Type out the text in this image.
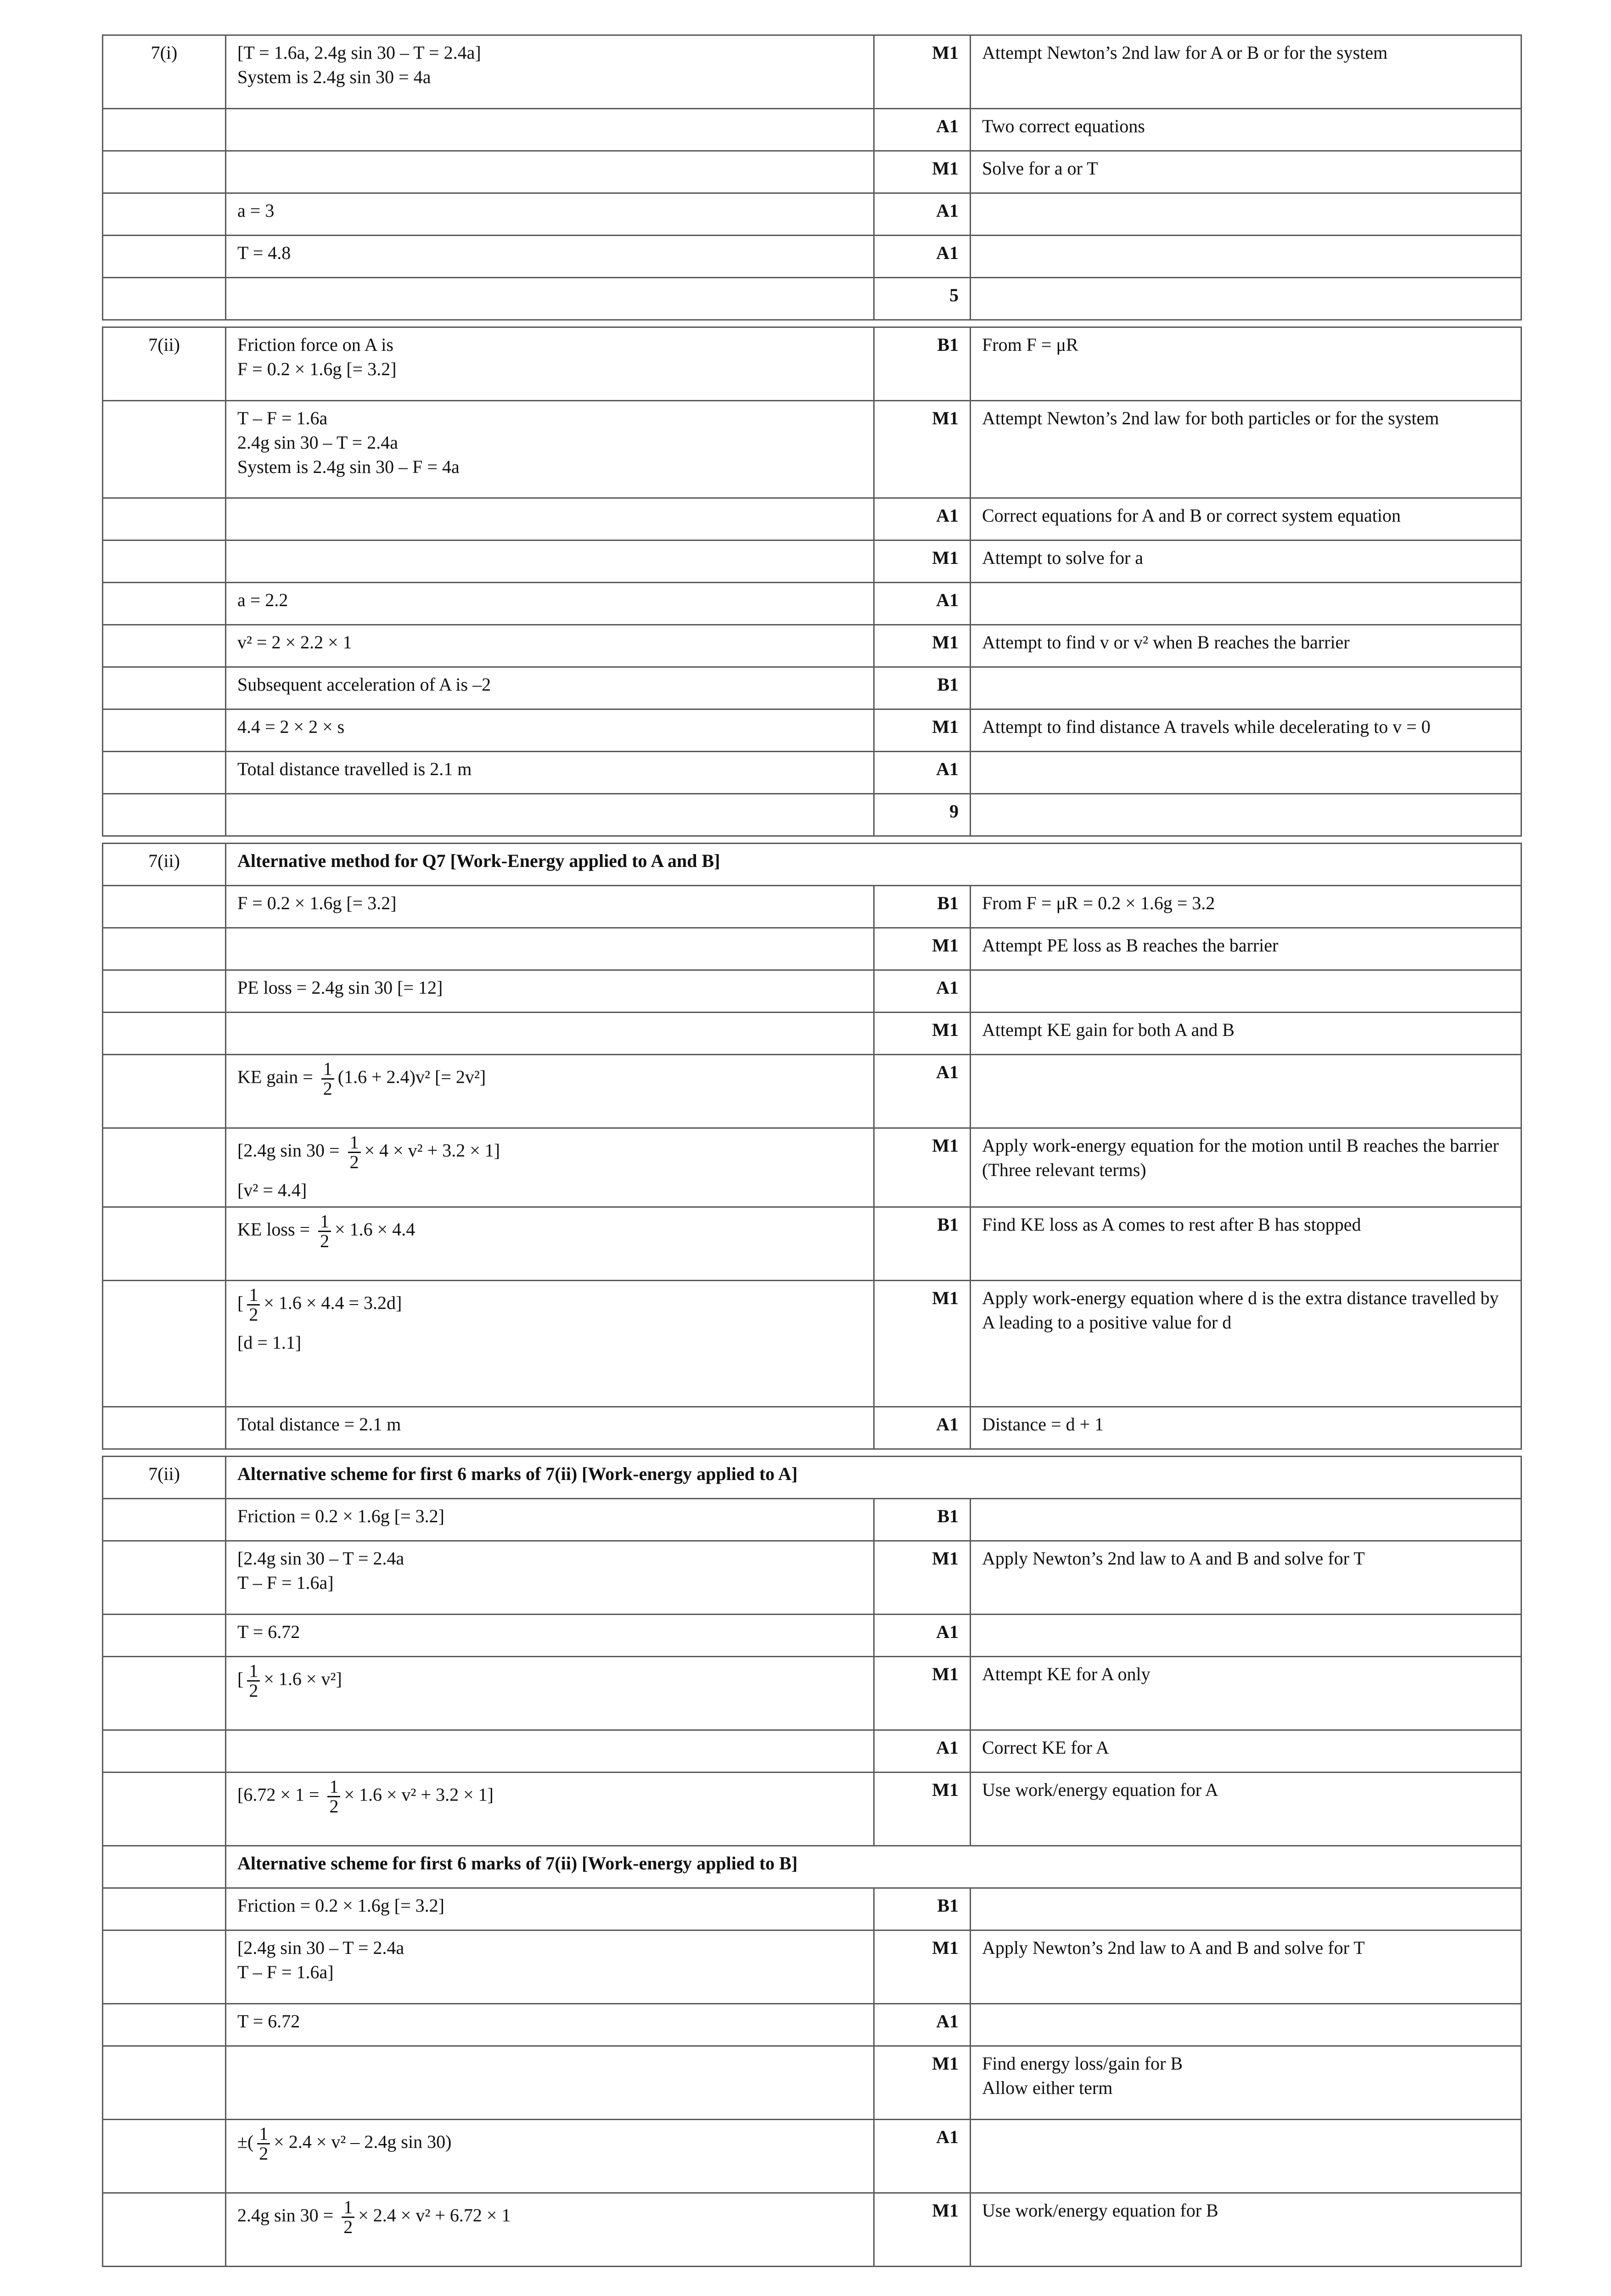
7(i)	[T = 1.6a, 2.4g sin 30 – T = 2.4a]
System is 2.4g sin 30 = 4a	M1	Attempt Newton’s 2nd law for A or B or for the system

	A1	Two correct equations

	M1	Solve for a or T

	a = 3	A1	

	T = 4.8	A1	

	5	

7(ii)	Friction force on A is
F = 0.2 × 1.6g [= 3.2]	B1	From F = μR

	T – F = 1.6a
2.4g sin 30 – T = 2.4a
System is 2.4g sin 30 – F = 4a	M1	Attempt Newton’s 2nd law for both particles or for the system

	A1	Correct equations for A and B or correct system equation

	M1	Attempt to solve for a

	a = 2.2	A1	

	v² = 2 × 2.2 × 1	M1	Attempt to find v or v² when B reaches the barrier

	Subsequent acceleration of A is –2	B1	

	4.4 = 2 × 2 × s	M1	Attempt to find distance A travels while decelerating to v = 0

	Total distance travelled is 2.1 m	A1	

	9	

7(ii)	Alternative method for Q7 [Work-Energy applied to A and B]		
	F = 0.2 × 1.6g [= 3.2]	B1	From F = μR = 0.2 × 1.6g = 3.2
		M1	Attempt PE loss as B reaches the barrier
	PE loss = 2.4g sin 30 [= 12]	A1	
		M1	Attempt KE gain for both A and B

	KE gain = $\frac{1}{2} (1.6 + 2.4)v^2$ [= 2v²]	A1	

	[2.4g $\sin 30 = \frac{1}{2} \times 4 \times v^2 + 3.2 \times 1$]
[v² = 4.4]	M1	Apply work-energy equation for the motion until B reaches the barrier (Three relevant terms)

	KE loss = $\frac{1}{2} \times 1.6 \times 4.4$	B1	Find KE loss as A comes to rest after B has stopped

	[ $\frac{1}{2} \times 1.6 \times 4.4 = 3.2d$]
[d = 1.1]	M1	Apply work-energy equation where d is the extra distance travelled by A leading to a positive value for d
	Total distance = 2.1 m	A1	Distance = d + 1

7(ii)	Alternative scheme for first 6 marks of 7(ii) [Work-energy applied to A]		

	Friction = 0.2 × 1.6g [= 3.2]	B1	

	[2.4g sin 30 – T = 2.4a
T – F = 1.6a]	M1	Apply Newton’s 2nd law to A and B and solve for T

	T = 6.72	A1	

	[ $\frac{1}{2} \times 1.6 \times v^2$]	M1	Attempt KE for A only
		A1	Correct KE for A

	$[6.72 \times 1 = \frac{1}{2} \times 1.6 \times v^2 + 3.2 \times 1]$	M1	Use work/energy equation for A
	Alternative scheme for first 6 marks of 7(ii) [Work-energy applied to B]		

	Friction = 0.2 × 1.6g [= 3.2]	B1	

	[2.4g sin 30 – T = 2.4a
T – F = 1.6a]	M1	Apply Newton’s 2nd law to A and B and solve for T

	T = 6.72	A1	
		M1	Find energy loss/gain for B
Allow either term

	±( $\frac{1}{2} \times 2.4 \times v^2 - 2.4g$ sin 30)	A1	

	2.4g $\sin 30 = \frac{1}{2} \times 2.4 \times v^2 + 6.72 \times 1$	M1	Use work/energy equation for B
